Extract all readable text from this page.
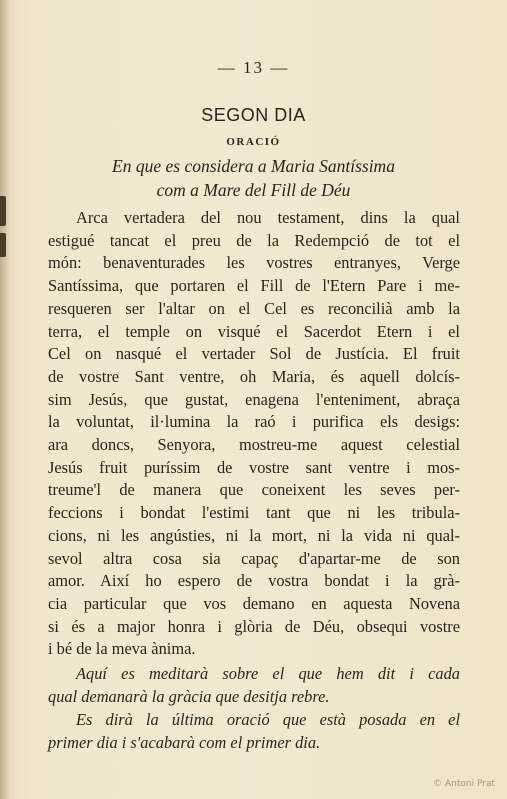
— 13 —
SEGON DIA
ORACIÓ
En que es considera a Maria Santíssima
com a Mare del Fill de Déu
Arca vertadera del nou testament, dins la qual
estigué tancat el preu de la Redempció de tot el
món: benaventurades les vostres entranyes, Verge
Santíssima, que portaren el Fill de l'Etern Pare i me-
resqueren ser l'altar on el Cel es reconcilià amb la
terra, el temple on visqué el Sacerdot Etern i el
Cel on nasqué el vertader Sol de Justícia. El fruit
de vostre Sant ventre, oh Maria, és aquell dolcís-
sim Jesús, que gustat, enagena l'enteniment, abraça
la voluntat, il·lumina la raó i purifica els desigs:
ara doncs, Senyora, mostreu-me aquest celestial
Jesús fruit puríssim de vostre sant ventre i mos-
treume'l de manera que coneixent les seves per-
feccions i bondat l'estimi tant que ni les tribula-
cions, ni les angústies, ni la mort, ni la vida ni qual-
sevol altra cosa sia capaç d'apartar-me de son
amor. Així ho espero de vostra bondat i la grà-
cia particular que vos demano en aquesta Novena
si és a major honra i glòria de Déu, obsequi vostre
i bé de la meva ànima.
Aquí es meditarà sobre el que hem dit i cada
qual demanarà la gràcia que desitja rebre.
Es dirà la última oració que està posada en el
primer dia i s'acabarà com el primer dia.
© Antoni Prat
